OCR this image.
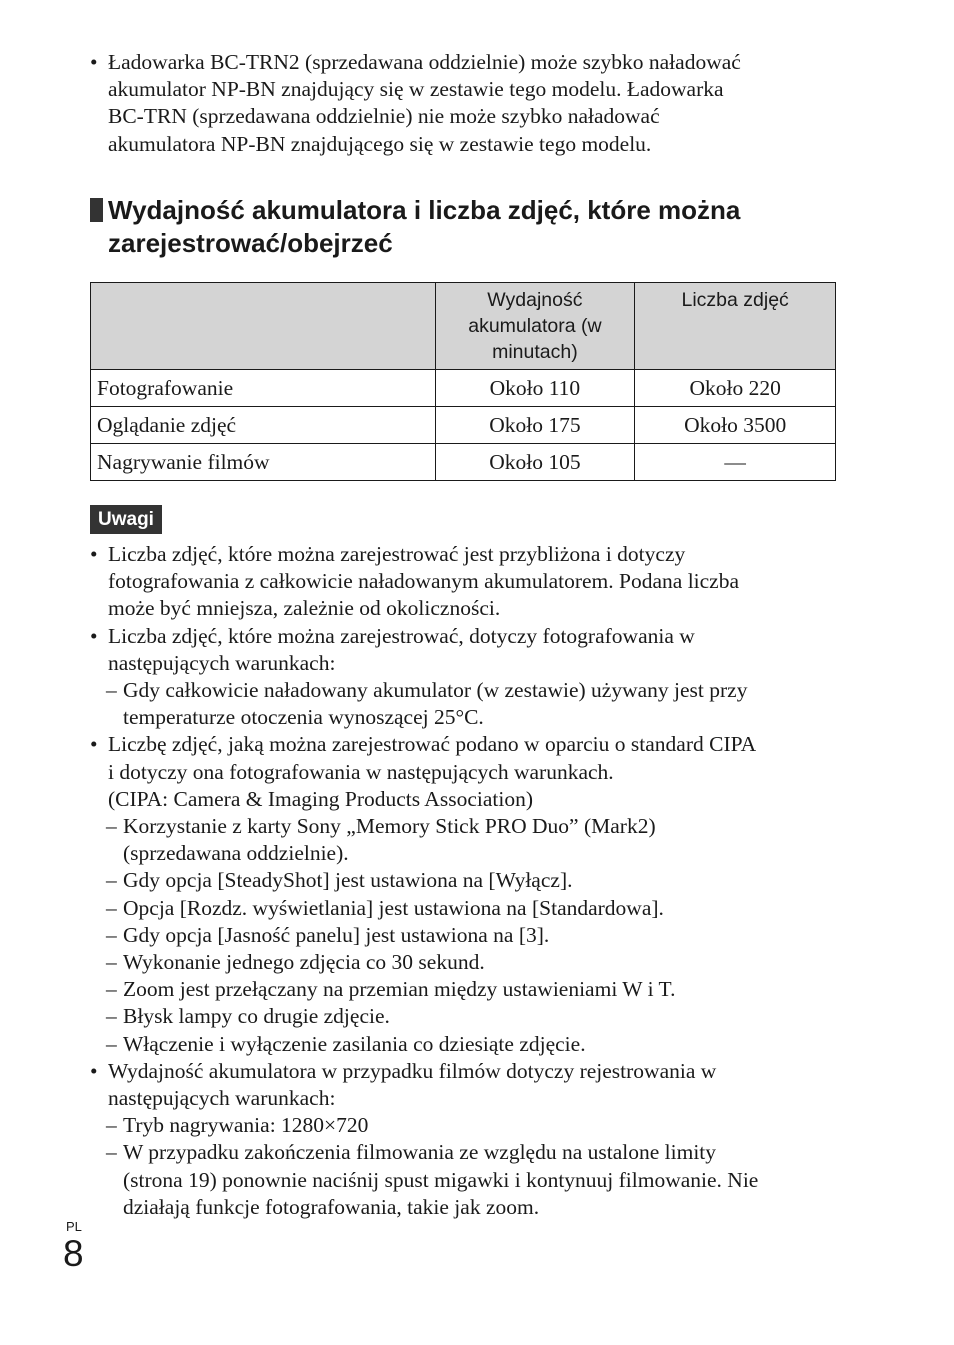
• Ładowarka BC-TRN2 (sprzedawana oddzielnie) może szybko naładować
akumulator NP-BN znajdujący się w zestawie tego modelu. Ładowarka
BC-TRN (sprzedawana oddzielnie) nie może szybko naładować
akumulatora NP-BN znajdującego się w zestawie tego modelu.
Wydajność akumulatora i liczba zdjęć, które można
zarejestrować/obejrzeć
	Wydajność akumulatora (w minutach)	Liczba zdjęć
Fotografowanie	Około 110	Około 220
Oglądanie zdjęć	Około 175	Około 3500
Nagrywanie filmów	Około 105	—
Uwagi
• Liczba zdjęć, które można zarejestrować jest przybliżona i dotyczy
fotografowania z całkowicie naładowanym akumulatorem. Podana liczba
może być mniejsza, zależnie od okoliczności.
• Liczba zdjęć, które można zarejestrować, dotyczy fotografowania w
następujących warunkach:
– Gdy całkowicie naładowany akumulator (w zestawie) używany jest przy
temperaturze otoczenia wynoszącej 25°C.
• Liczbę zdjęć, jaką można zarejestrować podano w oparciu o standard CIPA
i dotyczy ona fotografowania w następujących warunkach.
(CIPA: Camera & Imaging Products Association)
– Korzystanie z karty Sony „Memory Stick PRO Duo” (Mark2)
(sprzedawana oddzielnie).
– Gdy opcja [SteadyShot] jest ustawiona na [Wyłącz].
– Opcja [Rozdz. wyświetlania] jest ustawiona na [Standardowa].
– Gdy opcja [Jasność panelu] jest ustawiona na [3].
– Wykonanie jednego zdjęcia co 30 sekund.
– Zoom jest przełączany na przemian między ustawieniami W i T.
– Błysk lampy co drugie zdjęcie.
– Włączenie i wyłączenie zasilania co dziesiąte zdjęcie.
• Wydajność akumulatora w przypadku filmów dotyczy rejestrowania w
następujących warunkach:
– Tryb nagrywania: 1280×720
– W przypadku zakończenia filmowania ze względu na ustalone limity
(strona 19) ponownie naciśnij spust migawki i kontynuuj filmowanie. Nie
działają funkcje fotografowania, takie jak zoom.
PL
8
